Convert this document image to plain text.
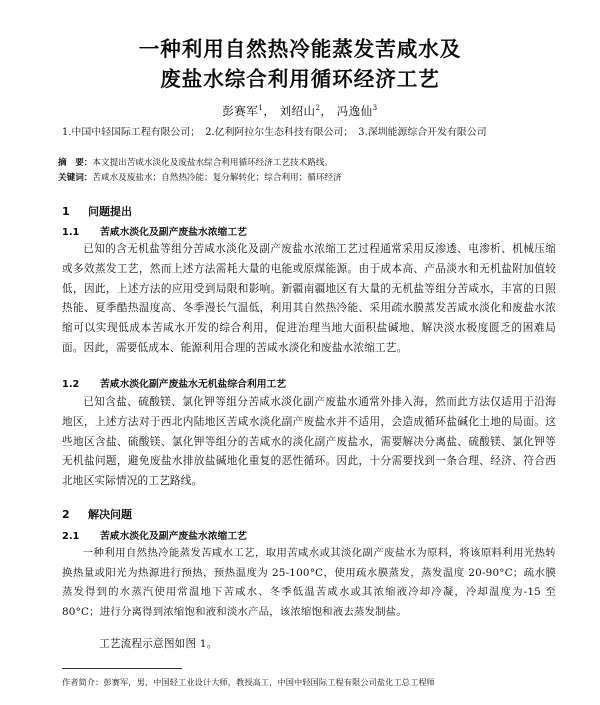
一种利用自然热冷能蒸发苦咸水及
废盐水综合利用循环经济工艺
彭赛军$^1$， 刘绍山$^2$， 冯逸仙$^3$
1.中国中轻国际工程有限公司；　2.亿利阿拉尔生态科技有限公司；　3.深圳能源综合开发有限公司
摘　要：本文提出苦咸水淡化及废盐水综合利用循环经济工艺技术路线。
关键词：苦咸水及废盐水；自然热冷能；复分解转化；综合利用；循环经济
1 问题提出
1.1 苦咸水淡化及副产废盐水浓缩工艺
已知的含无机盐等组分苦咸水淡化及副产废盐水浓缩工艺过程通常采用反渗透、电渗析、机械压缩或多效蒸发工艺，然而上述方法需耗大量的电能或原煤能源。由于成本高、产品淡水和无机盐附加值较低，因此，上述方法的应用受到局限和影响。新疆南疆地区有大量的无机盐等组分苦咸水，丰富的日照热能、夏季酷热温度高、冬季漫长气温低，利用其自然热冷能、采用疏水膜蒸发苦咸水淡化和废盐水浓缩可以实现低成本苦咸水开发的综合利用，促进治理当地大面积盐碱地、解决淡水极度匮乏的困难局面。因此，需要低成本、能源利用合理的苦咸水淡化和废盐水浓缩工艺。
1.2 苦咸水淡化副产废盐水无机盐综合利用工艺
已知含盐、硫酸镁、氯化钾等组分苦咸水淡化副产废盐水通常外排入海，然而此方法仅适用于沿海地区，上述方法对于西北内陆地区苦咸水淡化副产废盐水并不适用，会造成循环盐碱化土地的局面。这些地区含盐、硫酸镁、氯化钾等组分的苦咸水的淡化副产废盐水，需要解决分离盐、硫酸镁、氯化钾等无机盐问题，避免废盐水排放盐碱地化重复的恶性循环。因此，十分需要找到一条合理、经济、符合西北地区实际情况的工艺路线。
2 解决问题
2.1 苦咸水淡化及副产废盐水浓缩工艺
一种利用自然热冷能蒸发苦咸水工艺，取用苦咸水或其淡化副产废盐水为原料，将该原料利用光热转换热量或阳光为热源进行预热，预热温度为 25-100°C，使用疏水膜蒸发，蒸发温度 20-90°C；疏水膜蒸发得到的水蒸汽使用常温地下苦咸水、冬季低温苦咸水或其浓缩液冷却冷凝，冷却温度为-15 至 80°C；进行分离得到浓缩饱和液和淡水产品，该浓缩饱和液去蒸发制盐。
工艺流程示意图如图 1。
作者简介：彭赛军，男，中国轻工业设计大师，教授高工，中国中轻国际工程有限公司盐化工总工程师
